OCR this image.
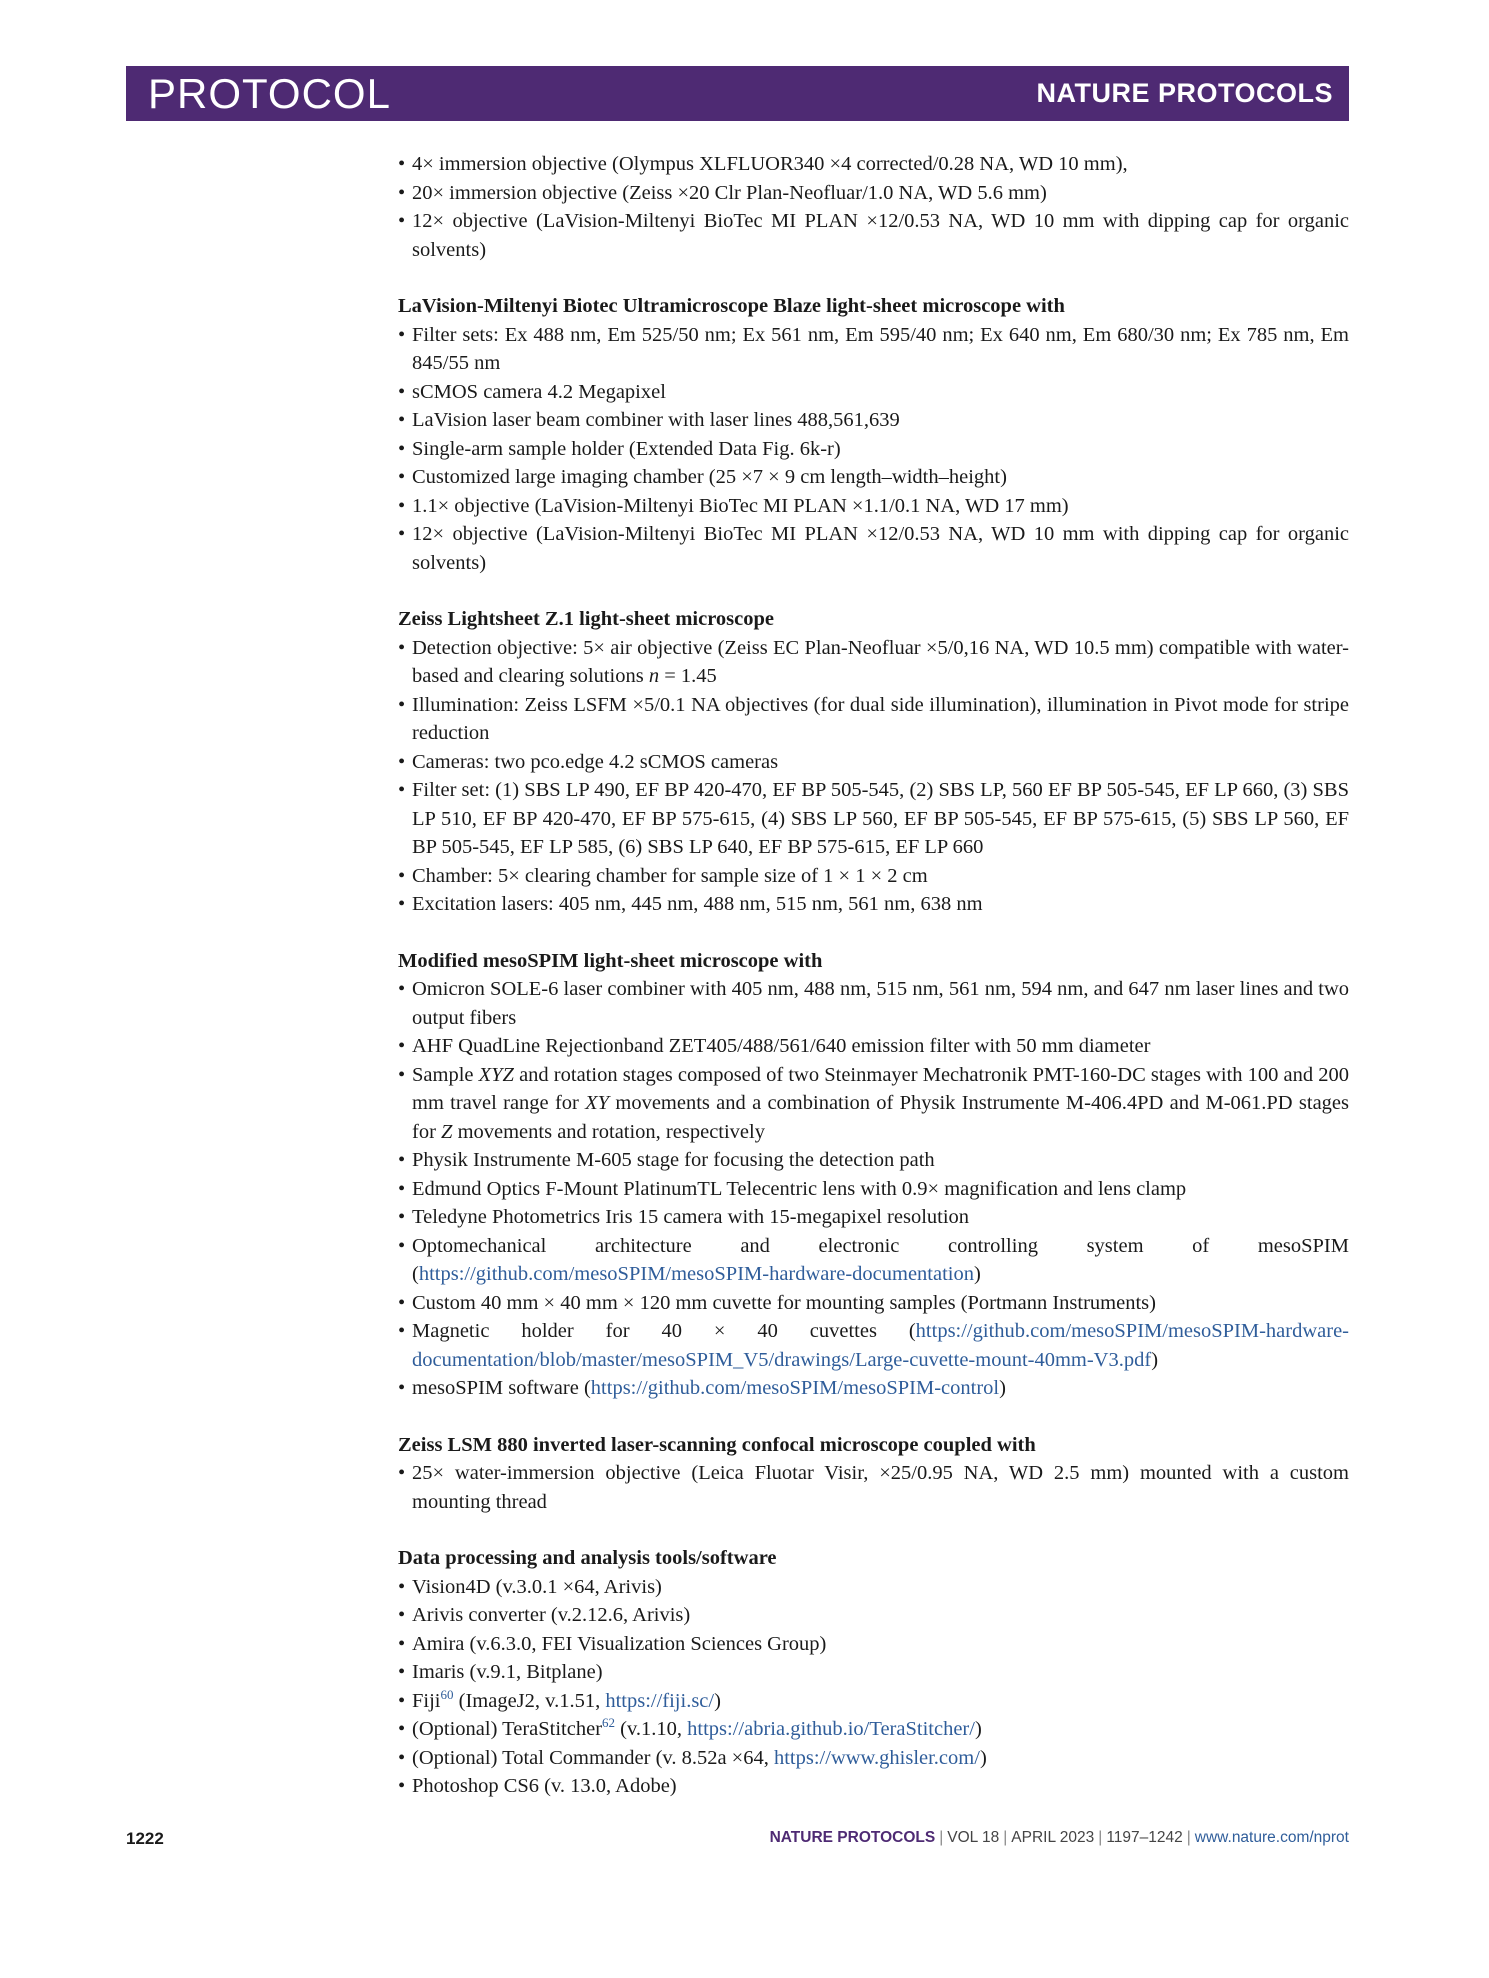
PROTOCOL	NATURE PROTOCOLS
• 4× immersion objective (Olympus XLFLUOR340 ×4 corrected/0.28 NA, WD 10 mm),
• 20× immersion objective (Zeiss ×20 Clr Plan-Neofluar/1.0 NA, WD 5.6 mm)
• 12× objective (LaVision-Miltenyi BioTec MI PLAN ×12/0.53 NA, WD 10 mm with dipping cap for organic solvents)
LaVision-Miltenyi Biotec Ultramicroscope Blaze light-sheet microscope with
• Filter sets: Ex 488 nm, Em 525/50 nm; Ex 561 nm, Em 595/40 nm; Ex 640 nm, Em 680/30 nm; Ex 785 nm, Em 845/55 nm
• sCMOS camera 4.2 Megapixel
• LaVision laser beam combiner with laser lines 488,561,639
• Single-arm sample holder (Extended Data Fig. 6k-r)
• Customized large imaging chamber (25 ×7 × 9 cm length–width–height)
• 1.1× objective (LaVision-Miltenyi BioTec MI PLAN ×1.1/0.1 NA, WD 17 mm)
• 12× objective (LaVision-Miltenyi BioTec MI PLAN ×12/0.53 NA, WD 10 mm with dipping cap for organic solvents)
Zeiss Lightsheet Z.1 light-sheet microscope
• Detection objective: 5× air objective (Zeiss EC Plan-Neofluar ×5/0,16 NA, WD 10.5 mm) compatible with water-based and clearing solutions n = 1.45
• Illumination: Zeiss LSFM ×5/0.1 NA objectives (for dual side illumination), illumination in Pivot mode for stripe reduction
• Cameras: two pco.edge 4.2 sCMOS cameras
• Filter set: (1) SBS LP 490, EF BP 420-470, EF BP 505-545, (2) SBS LP, 560 EF BP 505-545, EF LP 660, (3) SBS LP 510, EF BP 420-470, EF BP 575-615, (4) SBS LP 560, EF BP 505-545, EF BP 575-615, (5) SBS LP 560, EF BP 505-545, EF LP 585, (6) SBS LP 640, EF BP 575-615, EF LP 660
• Chamber: 5× clearing chamber for sample size of 1 × 1 × 2 cm
• Excitation lasers: 405 nm, 445 nm, 488 nm, 515 nm, 561 nm, 638 nm
Modified mesoSPIM light-sheet microscope with
• Omicron SOLE-6 laser combiner with 405 nm, 488 nm, 515 nm, 561 nm, 594 nm, and 647 nm laser lines and two output fibers
• AHF QuadLine Rejectionband ZET405/488/561/640 emission filter with 50 mm diameter
• Sample XYZ and rotation stages composed of two Steinmayer Mechatronik PMT-160-DC stages with 100 and 200 mm travel range for XY movements and a combination of Physik Instrumente M-406.4PD and M-061.PD stages for Z movements and rotation, respectively
• Physik Instrumente M-605 stage for focusing the detection path
• Edmund Optics F-Mount PlatinumTL Telecentric lens with 0.9× magnification and lens clamp
• Teledyne Photometrics Iris 15 camera with 15-megapixel resolution
• Optomechanical architecture and electronic controlling system of mesoSPIM (https://github.com/mesoSPIM/mesoSPIM-hardware-documentation)
• Custom 40 mm × 40 mm × 120 mm cuvette for mounting samples (Portmann Instruments)
• Magnetic holder for 40 × 40 cuvettes (https://github.com/mesoSPIM/mesoSPIM-hardware-documentation/blob/master/mesoSPIM_V5/drawings/Large-cuvette-mount-40mm-V3.pdf)
• mesoSPIM software (https://github.com/mesoSPIM/mesoSPIM-control)
Zeiss LSM 880 inverted laser-scanning confocal microscope coupled with
• 25× water-immersion objective (Leica Fluotar Visir, ×25/0.95 NA, WD 2.5 mm) mounted with a custom mounting thread
Data processing and analysis tools/software
• Vision4D (v.3.0.1 ×64, Arivis)
• Arivis converter (v.2.12.6, Arivis)
• Amira (v.6.3.0, FEI Visualization Sciences Group)
• Imaris (v.9.1, Bitplane)
• Fiji$^{60}$ (ImageJ2, v.1.51, https://fiji.sc/)
• (Optional) TeraStitcher$^{62}$ (v.1.10, https://abria.github.io/TeraStitcher/)
• (Optional) Total Commander (v. 8.52a ×64, https://www.ghisler.com/)
• Photoshop CS6 (v. 13.0, Adobe)
1222	NATURE PROTOCOLS | VOL 18 | APRIL 2023 | 1197–1242 | www.nature.com/nprot
